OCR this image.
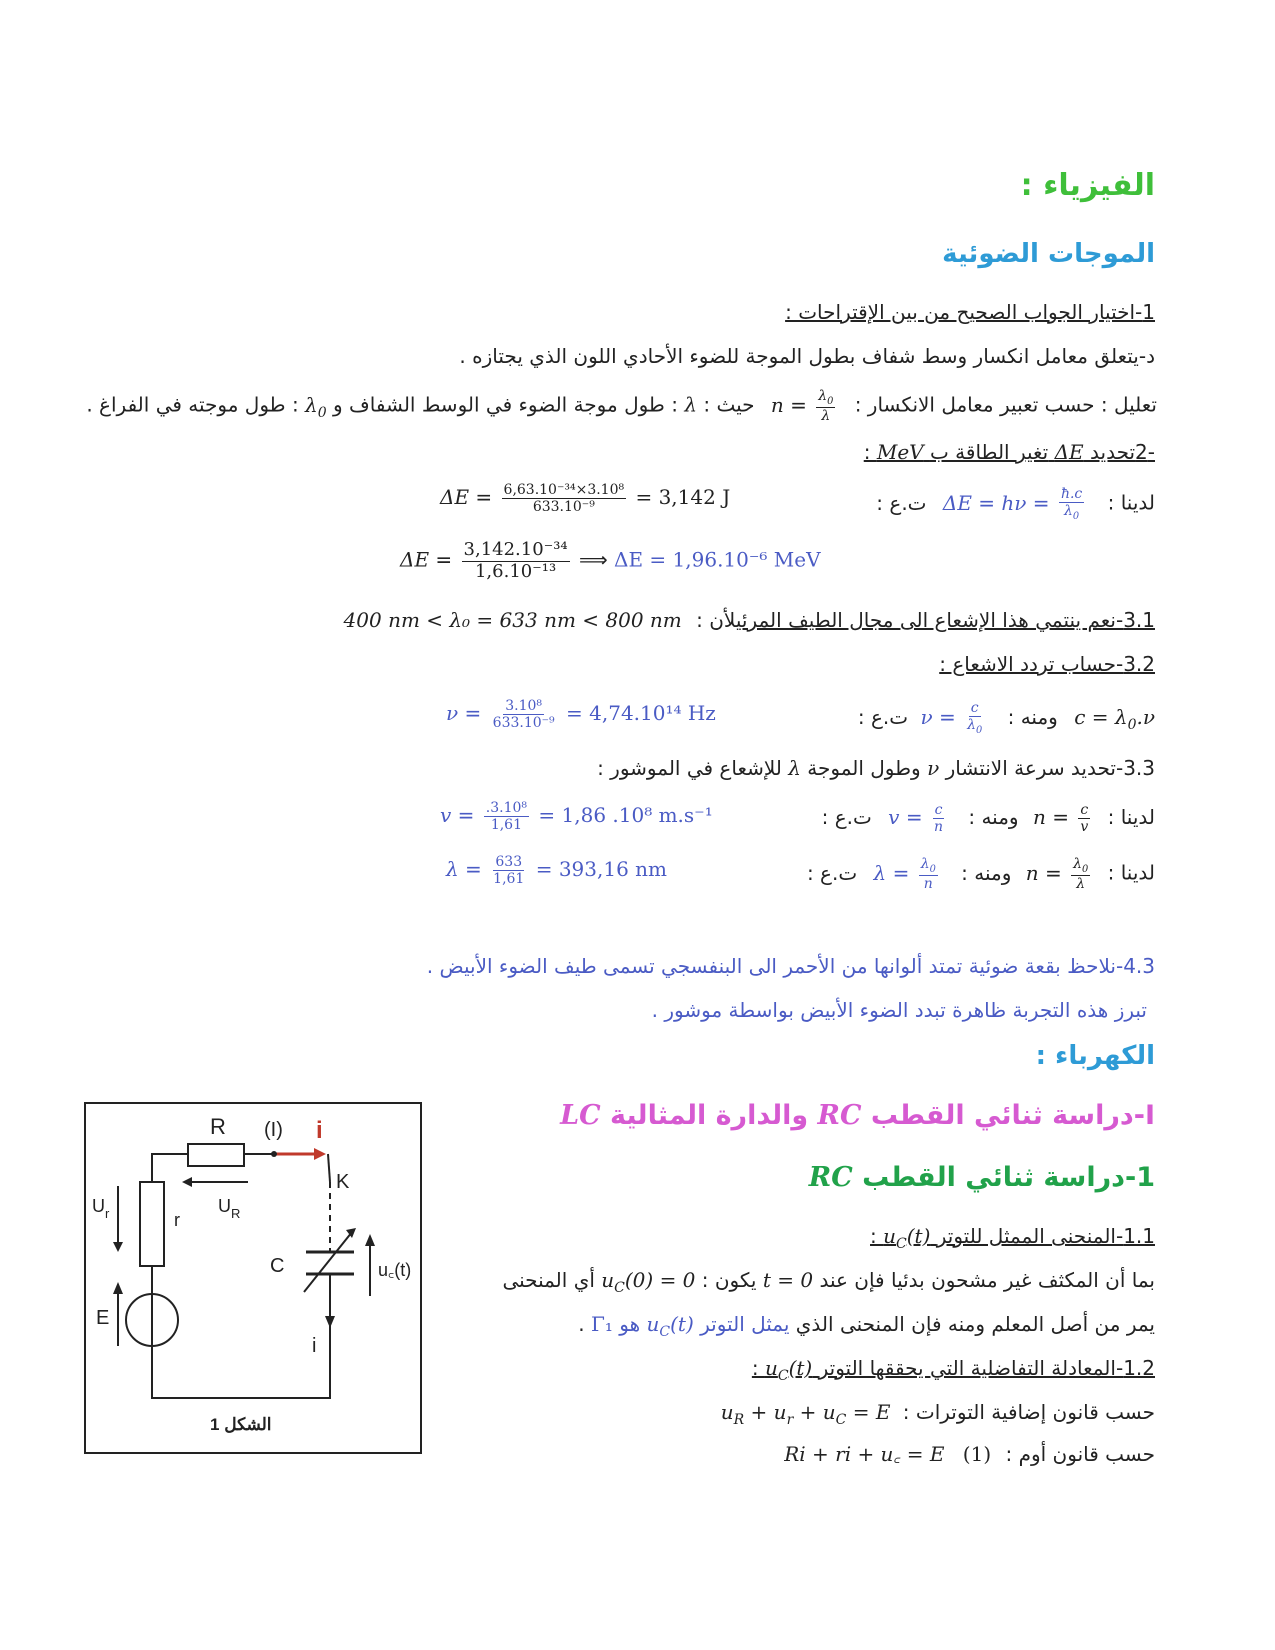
الفيزياء :
الموجات الضوئية
1-اختيار الجواب الصحيح من بين الإقتراحات :
د-يتعلق معامل انكسار وسط شفاف بطول الموجة للضوء الأحادي اللون الذي يجتازه .
تعليل : حسب تعبير معامل الانكسار : $n = \frac{\lambda_0}{\lambda}$
حيث : λ : طول موجة الضوء في الوسط الشفاف و $\lambda_0$ : طول موجته في الفراغ .
-2تحديد ΔE تغير الطاقة ب MeV :
لدينا : $\Delta E = h\nu = \frac{ħ.c}{\lambda_0}$
ت.ع :
$\Delta E = \frac{\text{6,63.10⁻³⁴×3.10⁸}}{\text{633.10⁻⁹}} = 3,142$ J
$\Delta E = \frac{\text{3,142.10⁻³⁴}}{\text{1,6.10⁻¹³}}$ ⟹ ΔE = 1,96.10⁻⁶ MeV
3.1-نعم ينتمي هذا الإشعاع الى مجال الطيف المرئيلأن : 400 nm < λ₀ = 633 nm < 800 nm
3.2-حساب تردد الاشعاع :
$c = \lambda_0.\nu$ ومنه : $\nu = \frac{c}{\lambda_0}$
ت.ع :
$\nu = \frac{\text{3.10⁸}}{\text{633.10⁻⁹}} = 4,74.10^{14}$ Hz
3.3-تحديد سرعة الانتشار ν وطول الموجة λ للإشعاع في الموشور :
لدينا : $n = \frac{c}{v}$
ومنه : $v = \frac{c}{n}$
ت.ع :
$v = \frac{\text{.3.10⁸}}{1,61} = 1,86$ .10⁸ m.s⁻¹
لدينا : $n = \frac{\lambda_0}{\lambda}$
ومنه : $\lambda = \frac{\lambda_0}{n}$
ت.ع :
$\lambda = \frac{633}{1,61} = 393,16$ nm
4.3-نلاحظ بقعة ضوئية تمتد ألوانها من الأحمر الى البنفسجي تسمى طيف الضوء الأبيض .
تبرز هذه التجربة ظاهرة تبدد الضوء الأبيض بواسطة موشور .
الكهرباء :
I-دراسة ثنائي القطب RC والدارة المثالية LC
1-دراسة ثنائي القطب RC
1.1-المنحنى الممثل للتوتر $u_C(t)$ :
بما أن المكثف غير مشحون بدئيا فإن عند t = 0 يكون : $u_C(0) = 0$ أي المنحنى
يمر من أصل المعلم ومنه فإن المنحنى الذي يمثل التوتر $u_C(t)$ هو Γ₁ .
1.2-المعادلة التفاضلية التي يحققها التوتر $u_C(t)$ :
حسب قانون إضافية التوترات : $u_R + u_r + u_C = E$
حسب قانون أوم : (1) Ri + ri + u꜀ = E
R (I) i
K
C	u꜀(t)
$U_R$
$U_r$	r
E
i
الشكل 1
